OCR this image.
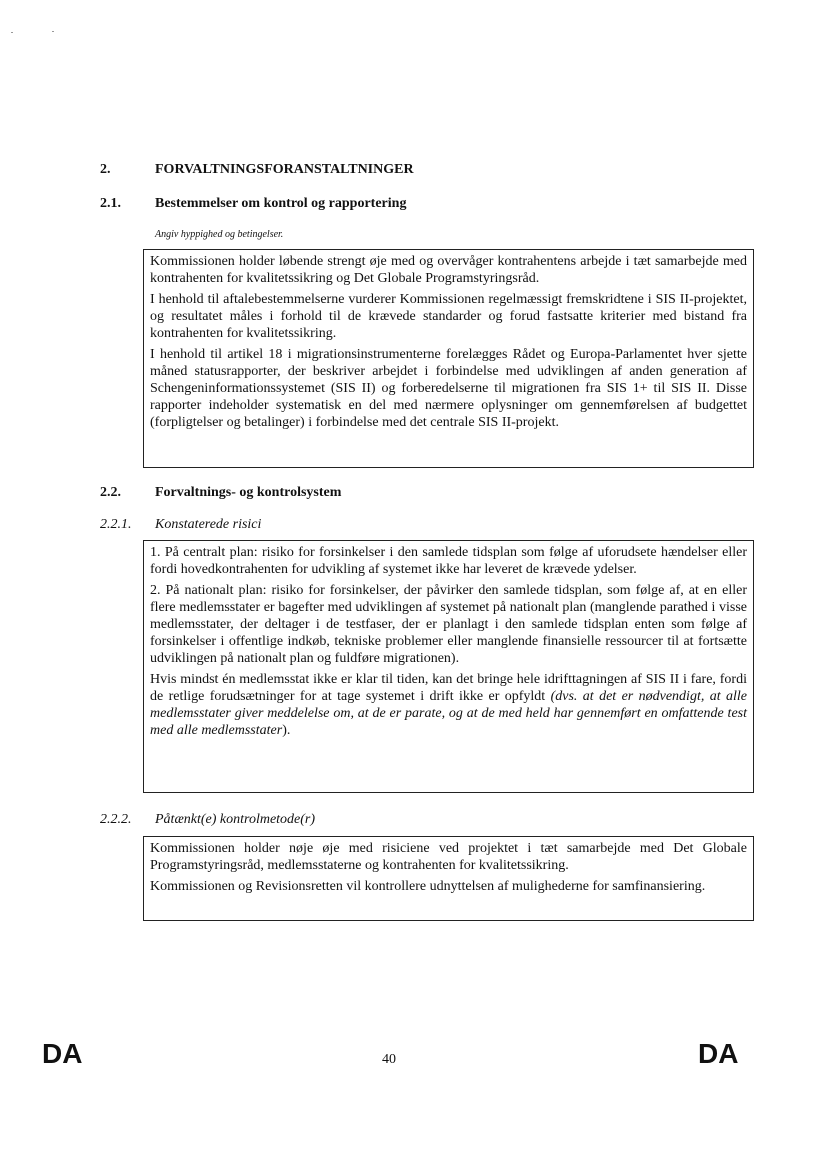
2.	FORVALTNINGSFORANSTALTNINGER
2.1. Bestemmelser om kontrol og rapportering
Angiv hyppighed og betingelser.

Kommissionen holder løbende strengt øje med og overvåger kontrahentens arbejde i tæt samarbejde med kontrahenten for kvalitetssikring og Det Globale Programstyringsråd.

I henhold til aftalebestemmelserne vurderer Kommissionen regelmæssigt fremskridtene i SIS II-projektet, og resultatet måles i forhold til de krævede standarder og forud fastsatte kriterier med bistand fra kontrahenten for kvalitetssikring.

I henhold til artikel 18 i migrationsinstrumenterne forelægges Rådet og Europa-Parlamentet hver sjette måned statusrapporter, der beskriver arbejdet i forbindelse med udviklingen af anden generation af Schengeninformationssystemet (SIS II) og forberedelserne til migrationen fra SIS 1+ til SIS II. Disse rapporter indeholder systematisk en del med nærmere oplysninger om gennemførelsen af budgettet (forpligtelser og betalinger) i forbindelse med det centrale SIS II-projekt.

2.2. Forvaltnings- og kontrolsystem
2.2.1. Konstaterede risici

1. På centralt plan: risiko for forsinkelser i den samlede tidsplan som følge af uforudsete hændelser eller fordi hovedkontrahenten for udvikling af systemet ikke har leveret de krævede ydelser.

2. På nationalt plan: risiko for forsinkelser, der påvirker den samlede tidsplan, som følge af, at en eller flere medlemsstater er bagefter med udviklingen af systemet på nationalt plan (manglende parathed i visse medlemsstater, der deltager i de testfaser, der er planlagt i den samlede tidsplan enten som følge af forsinkelser i offentlige indkøb, tekniske problemer eller manglende finansielle ressourcer til at fortsætte udviklingen på nationalt plan og fuldføre migrationen).

Hvis mindst én medlemsstat ikke er klar til tiden, kan det bringe hele idrifttagningen af SIS II i fare, fordi de retlige forudsætninger for at tage systemet i drift ikke er opfyldt (dvs. at det er nødvendigt, at alle medlemsstater giver meddelelse om, at de er parate, og at de med held har gennemført en omfattende test med alle medlemsstater).

2.2.2. Påtænkt(e) kontrolmetode(r)

Kommissionen holder nøje øje med risiciene ved projektet i tæt samarbejde med Det Globale Programstyringsråd, medlemsstaterne og kontrahenten for kvalitetssikring.

Kommissionen og Revisionsretten vil kontrollere udnyttelsen af mulighederne for samfinansiering.

DA	40	DA
